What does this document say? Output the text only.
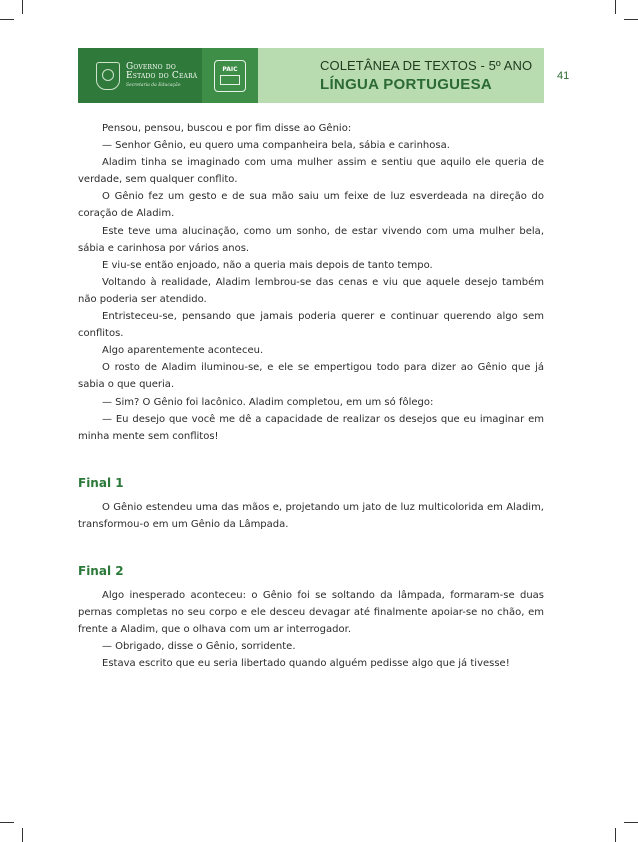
Governo do
Estado do Ceará
Secretaria da Educação
PAIC	COLETÂNEA DE TEXTOS - 5º ANO
LÍNGUA PORTUGUESA	41

Pensou, pensou, buscou e por fim disse ao Gênio:

— Senhor Gênio, eu quero uma companheira bela, sábia e carinhosa.

Aladim tinha se imaginado com uma mulher assim e sentiu que aquilo ele queria de verdade, sem qualquer conflito.

O Gênio fez um gesto e de sua mão saiu um feixe de luz esverdeada na direção do coração de Aladim.

Este teve uma alucinação, como um sonho, de estar vivendo com uma mulher bela, sábia e carinhosa por vários anos.

E viu-se então enjoado, não a queria mais depois de tanto tempo.

Voltando à realidade, Aladim lembrou-se das cenas e viu que aquele desejo também não poderia ser atendido.

Entristeceu-se, pensando que jamais poderia querer e continuar querendo algo sem conflitos.

Algo aparentemente aconteceu.

O rosto de Aladim iluminou-se, e ele se empertigou todo para dizer ao Gênio que já sabia o que queria.

— Sim? O Gênio foi lacônico. Aladim completou, em um só fôlego:

— Eu desejo que você me dê a capacidade de realizar os desejos que eu imaginar em minha mente sem conflitos!

Final 1

O Gênio estendeu uma das mãos e, projetando um jato de luz multicolorida em Aladim, transformou-o em um Gênio da Lâmpada.

Final 2

Algo inesperado aconteceu: o Gênio foi se soltando da lâmpada, formaram-se duas pernas completas no seu corpo e ele desceu devagar até finalmente apoiar-se no chão, em frente a Aladim, que o olhava com um ar interrogador.

— Obrigado, disse o Gênio, sorridente.

Estava escrito que eu seria libertado quando alguém pedisse algo que já tivesse!
